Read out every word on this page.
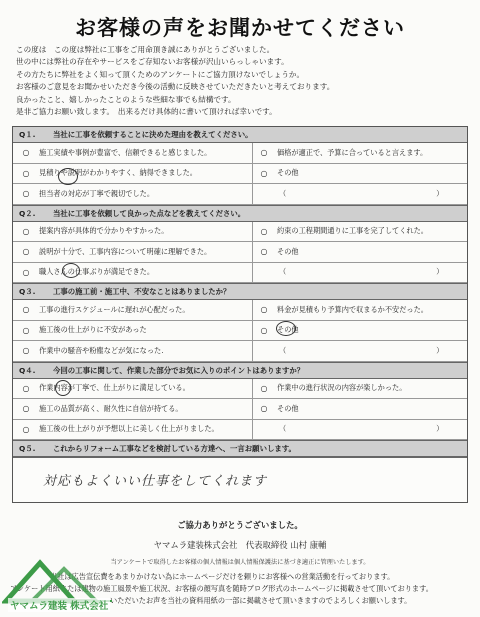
お客様の声をお聞かせてください
この度は　この度は弊社に工事をご用命頂き誠にありがとうございました。
世の中には弊社の存在やサービスをご存知ないお客様が沢山いらっしゃいます。
その方たちに弊社をよく知って頂くためのアンケートにご協力頂けないでしょうか。
お客様のご意見をお聞かせいただき今後の活動に反映させていただきたいと考えております。
良かったこと、嬉しかったことのような些細な事でも結構です。
是非ご協力お願い致します。　出来るだけ具体的に書いて頂ければ幸いです。
Q１.	当社に工事を依頼することに決めた理由を教えてください。
○ 施工実績や事例が豊富で、信頼できると感じました。	○ 価格が適正で、予算に合っていると言えます。
○ 見積りや説明がわかりやすく、納得できました。	○ その他
○ 担当者の対応が丁寧で親切でした。	（	）
Q２.	当社に工事を依頼して良かった点などを教えてください。
○ 提案内容が具体的で分かりやすかった。	○ 約束の工程期間通りに工事を完了してくれた。
○ 説明が十分で、工事内容について明確に理解できた。	○ その他
○ 職人さんの仕事ぶりが満足できた。	（	）
Q３.	工事の施工前・施工中、不安なことはありましたか？
○ 工事の進行スケジュールに遅れが心配だった。	○ 料金が見積もり予算内で収まるか不安だった。
○ 施工後の仕上がりに不安があった	○ その他
○ 作業中の騒音や粉塵などが気になった.	（	）
Q４.	今回の工事に関して、作業した部分でお気に入りのポイントはありますか？
○ 作業内容が丁寧で、仕上がりに満足している。	○ 作業中の進行状況の内容が楽しかった。
○ 施工の品質が高く、耐久性に自信が持てる。	○ その他
○ 施工後の仕上がりが予想以上に美しく仕上がりました。	（	）
Q５.	これからリフォーム工事などを検討している方達へ、一言お願いします。
対応もよくいい仕事をしてくれます
ご協力ありがとうございました。
ヤマムラ建装株式会社　代表取締役 山村 康輔
当アンケートで取得したお客様の個人情報は個人情報保護法に基づき適正に管理いたします。
当社は広告宣伝費をあまりかけない為にホームページだけを頼りにお客様への営業活動を行っております。
アンケート用紙または建物の施工風景や施工状況、お客様の顔写真を随時ブログ形式のホームページに掲載させて頂いております。
いただいたお声を当社の資料用紙の一部に掲載させて頂いきますのでよろしくお願いします。
ヤマムラ建装 株式会社
